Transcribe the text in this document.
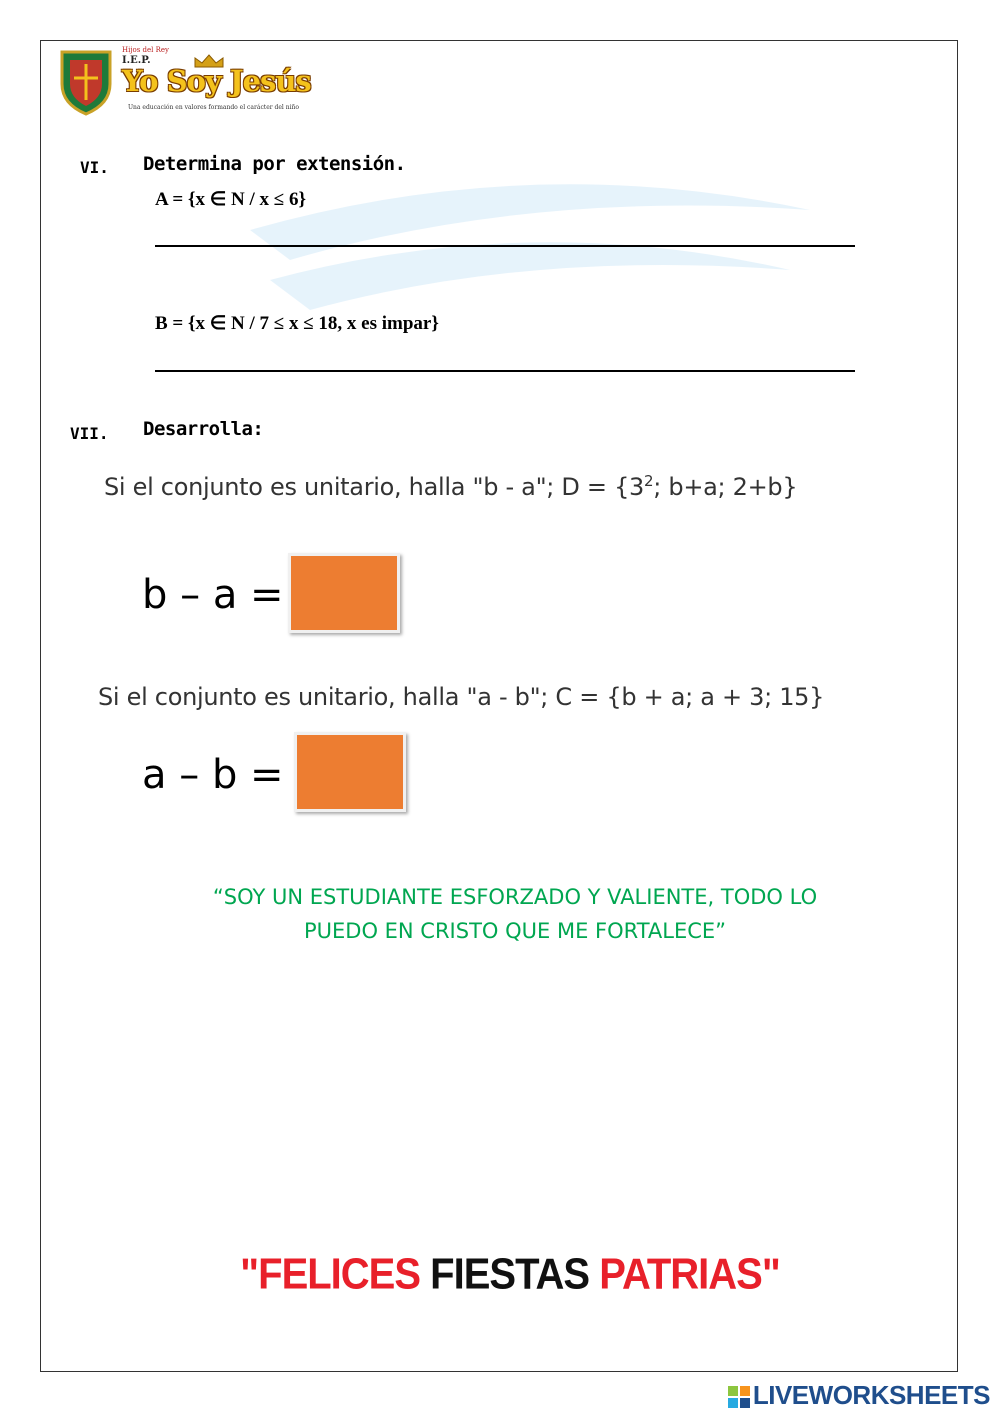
Hijos del Rey
I.E.P.
Yo Soy Jesús
Una educación en valores formando el carácter del niño
VI. Determina por extensión.
A = {x ∈ N / x ≤ 6}
B = {x ∈ N / 7 ≤ x ≤ 18, x es impar}
VII. Desarrolla:
Si el conjunto es unitario, halla "b - a"; $D = \{3^2$; b+a; 2+b}
b – a =
Si el conjunto es unitario, halla "a - b"; C = {b + a; a + 3; 15}
a – b =
“SOY UN ESTUDIANTE ESFORZADO Y VALIENTE, TODO LO
PUEDO EN CRISTO QUE ME FORTALECE”
"FELICES FIESTAS PATRIAS"
LIVEWORKSHEETS
